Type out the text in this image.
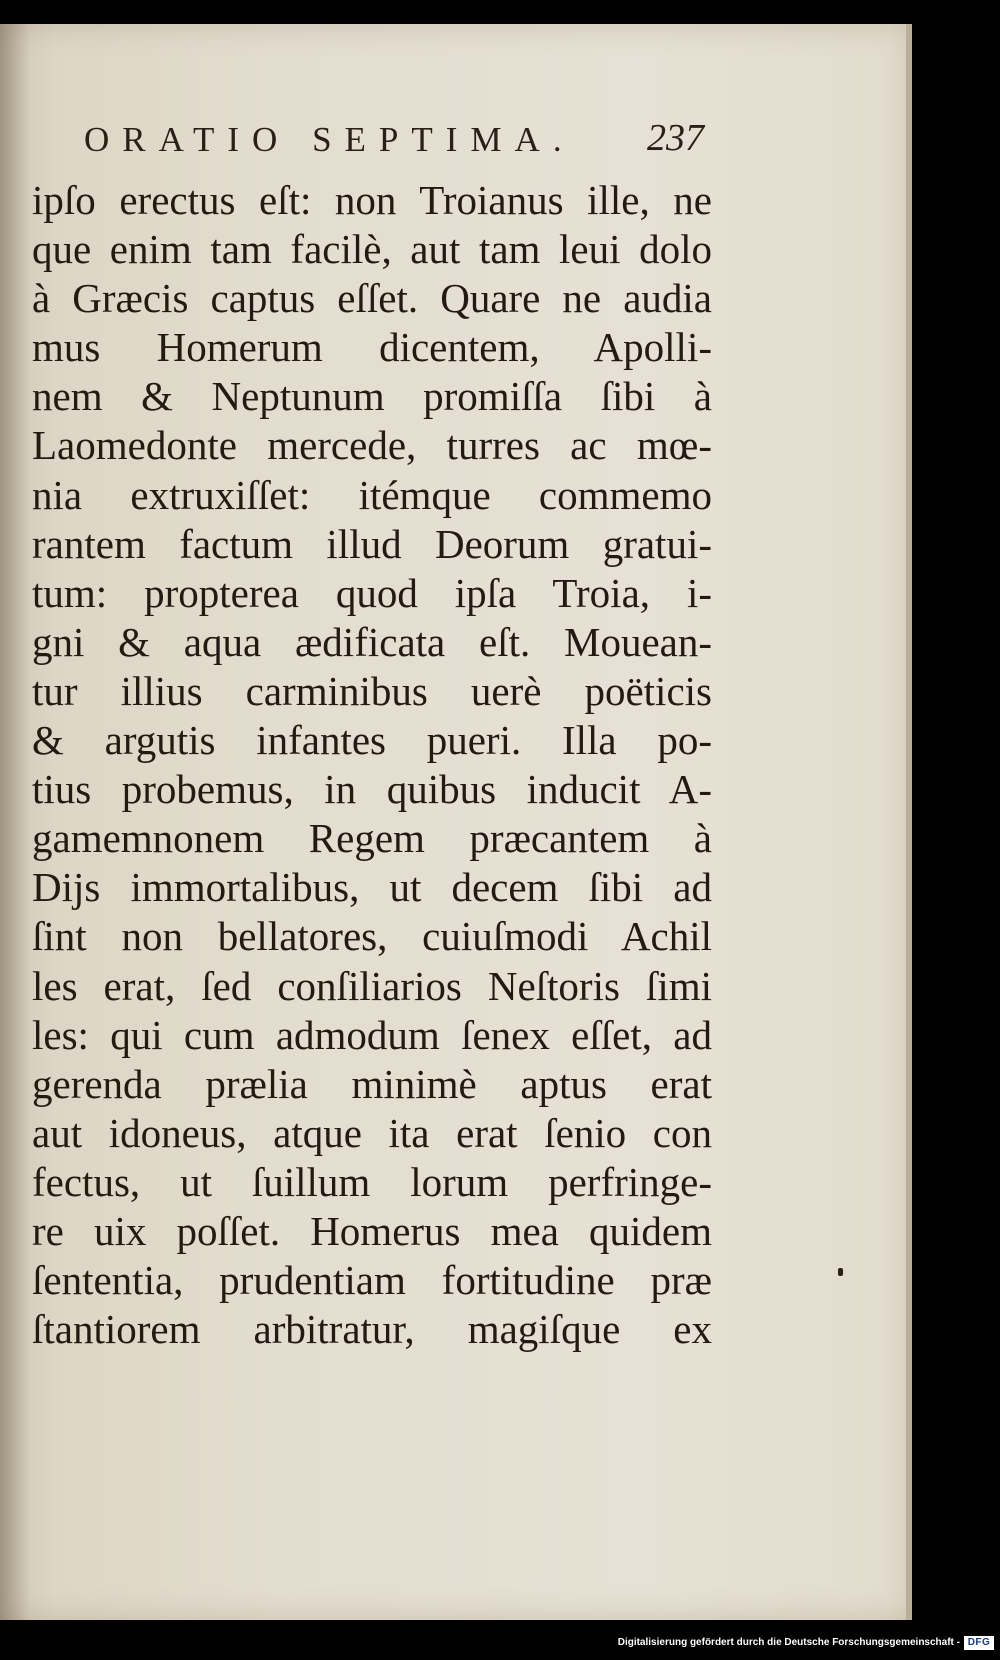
ORATIO SEPTIMA. 237
ipſo erectus eſt: non Troianus ille, ne
que enim tam facilè, aut tam leui dolo
à Græcis captus eſſet. Quare ne audia
mus Homerum dicentem, Apolli-
nem & Neptunum promiſſa ſibi à
Laomedonte mercede, turres ac mœ-
nia extruxiſſet: itémque commemo
rantem factum illud Deorum gratui-
tum: propterea quod ipſa Troia, i-
gni & aqua ædificata eſt. Mouean-
tur illius carminibus uerè poëticis
& argutis infantes pueri. Illa po-
tius probemus, in quibus inducit A-
gamemnonem Regem præcantem à
Dijs immortalibus, ut decem ſibi ad
ſint non bellatores, cuiuſmodi Achil
les erat, ſed conſiliarios Neſtoris ſimi
les: qui cum admodum ſenex eſſet, ad
gerenda prælia minimè aptus erat
aut idoneus, atque ita erat ſenio con
fectus, ut ſuillum lorum perfringe-
re uix poſſet. Homerus mea quidem
ſententia, prudentiam fortitudine præ
ſtantiorem arbitratur, magiſque ex
Digitalisierung gefördert durch die Deutsche Forschungsgemeinschaft - DFG
